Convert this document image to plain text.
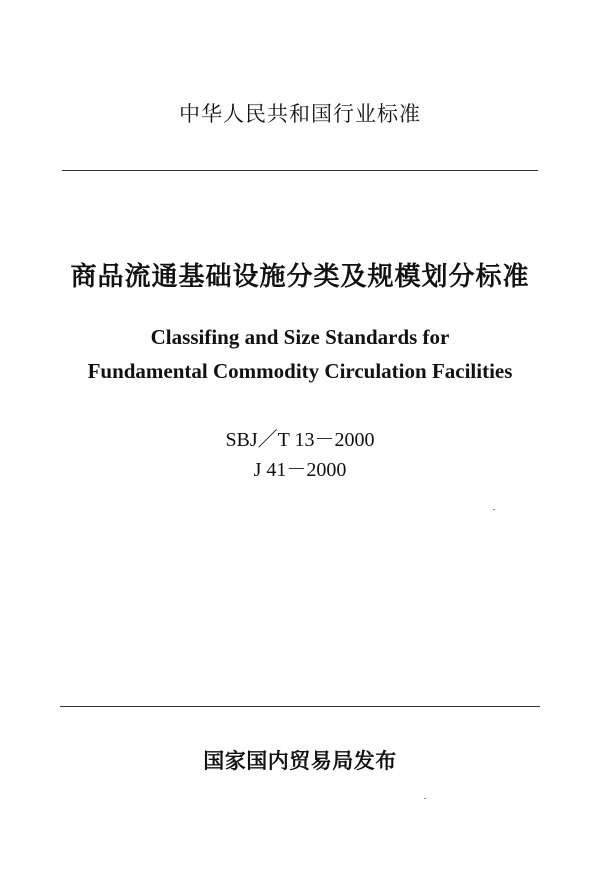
中华人民共和国行业标准
商品流通基础设施分类及规模划分标准
Classifing and Size Standards for
Fundamental Commodity Circulation Facilities
SBJ／T 13－2000
J 41－2000
国家国内贸易局发布
